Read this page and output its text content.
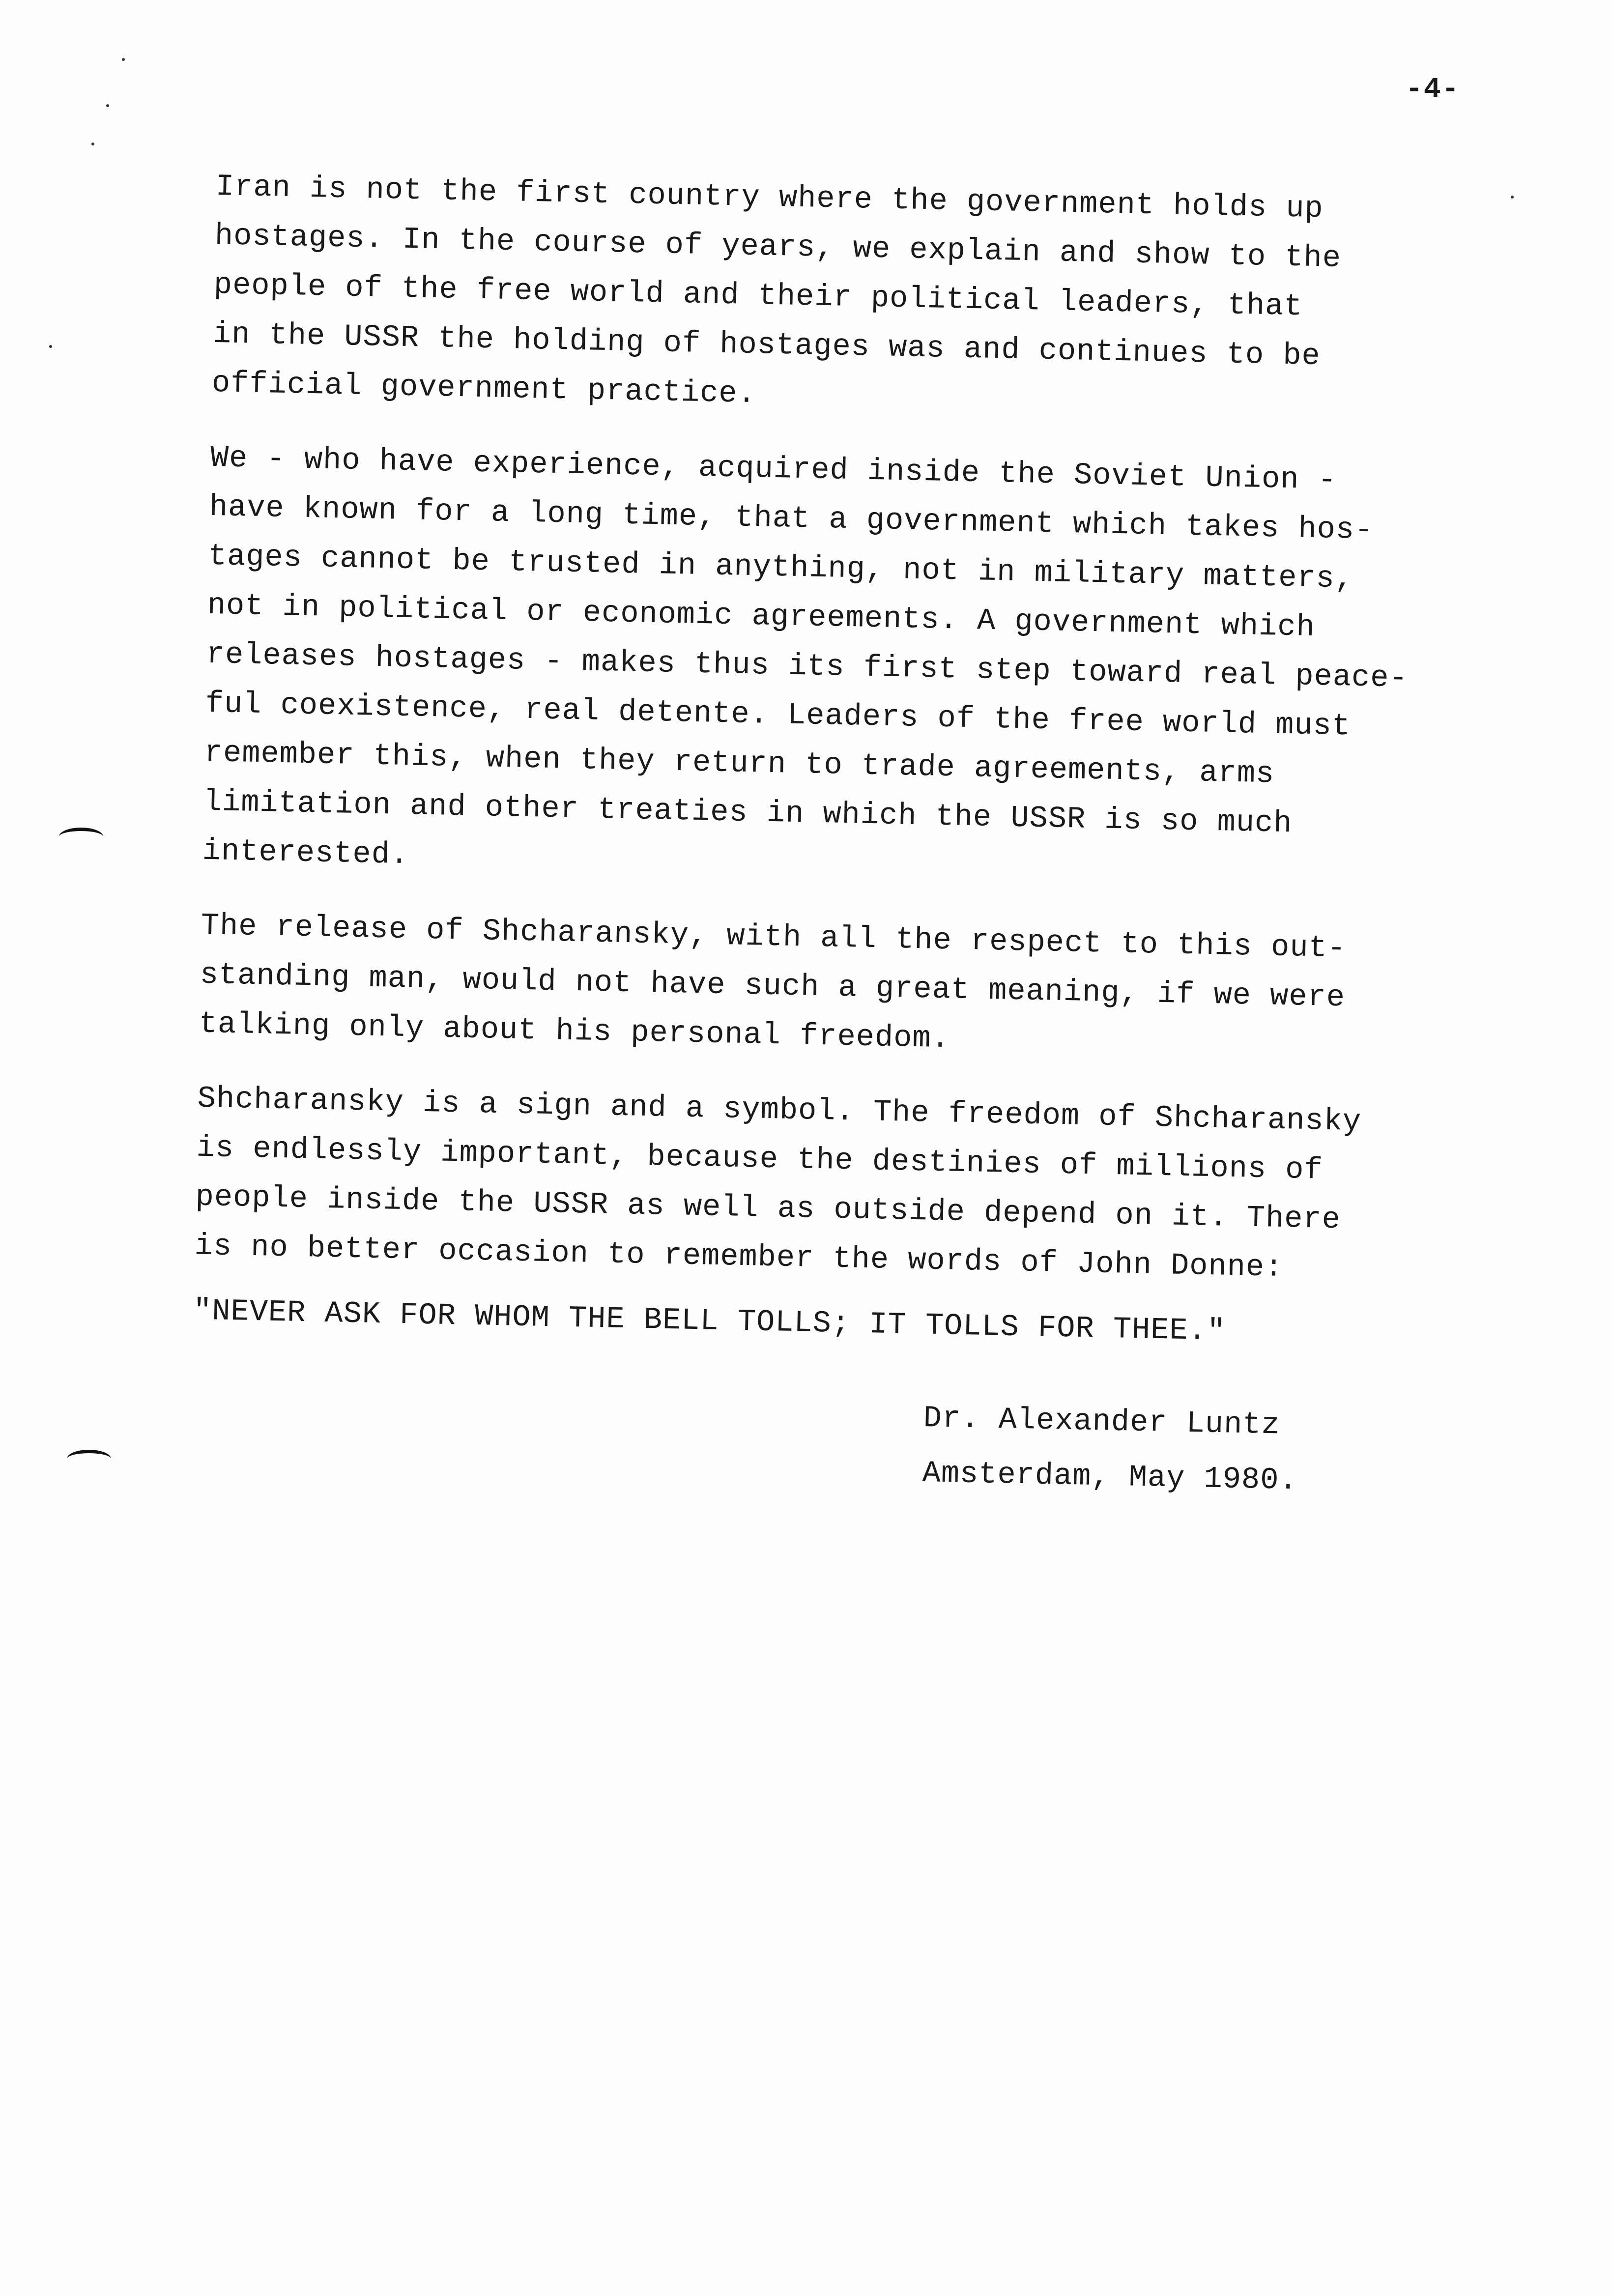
-4-

Iran is not the first country where the government holds up
hostages. In the course of years, we explain and show to the
people of the free world and their political leaders, that
in the USSR the holding of hostages was and continues to be
official government practice.

We - who have experience, acquired inside the Soviet Union -
have known for a long time, that a government which takes hos-
tages cannot be trusted in anything, not in military matters,
not in political or economic agreements. A government which
releases hostages - makes thus its first step toward real peace-
ful coexistence, real detente. Leaders of the free world must
remember this, when they return to trade agreements, arms
limitation and other treaties in which the USSR is so much
interested.

The release of Shcharansky, with all the respect to this out-
standing man, would not have such a great meaning, if we were
talking only about his personal freedom.

Shcharansky is a sign and a symbol. The freedom of Shcharansky
is endlessly important, because the destinies of millions of
people inside the USSR as well as outside depend on it. There
is no better occasion to remember the words of John Donne:

"NEVER ASK FOR WHOM THE BELL TOLLS; IT TOLLS FOR THEE."

Dr. Alexander Luntz
Amsterdam, May 1980.
